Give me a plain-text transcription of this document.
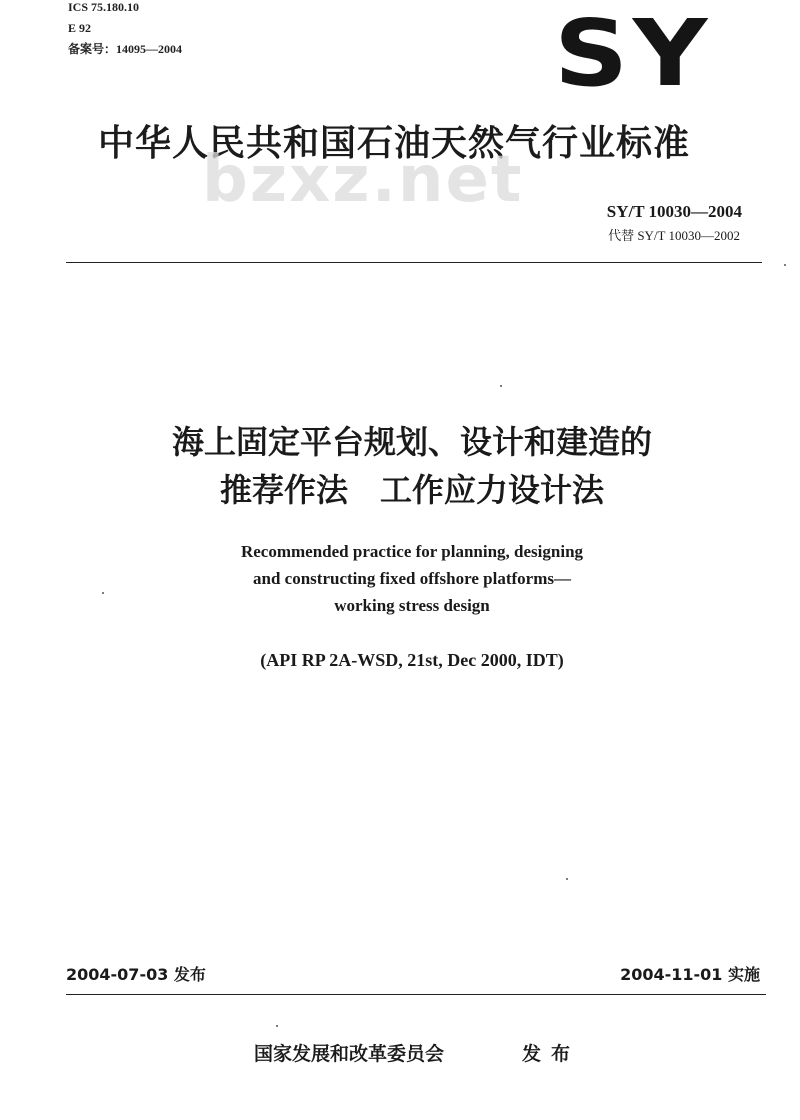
ICS 75.180.10
E 92
备案号：14095—2004	SY
中华人民共和国石油天然气行业标准
bzxz.net	SY/T 10030—2004
代替 SY/T 10030—2002
海上固定平台规划、设计和建造的
推荐作法　工作应力设计法
Recommended practice for planning, designing
and constructing fixed offshore platforms—
working stress design
(API RP 2A-WSD, 21st, Dec 2000, IDT)
2004-07-03 发布	2004-11-01 实施
国家发展和改革委员会	发布
